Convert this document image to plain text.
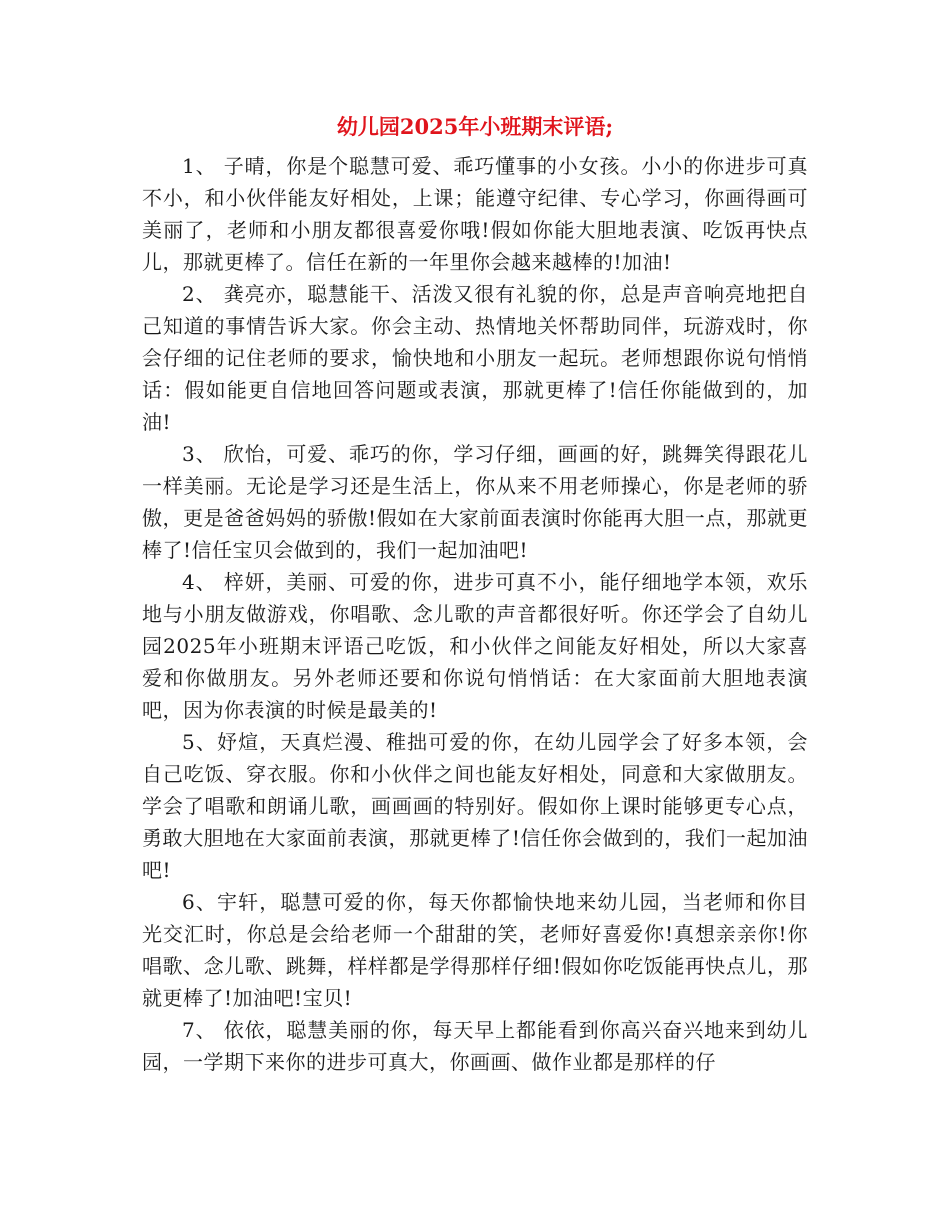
幼儿园2025年小班期末评语;

1、 子晴，你是个聪慧可爱、乖巧懂事的小女孩。小小的你进步可真不小，和小伙伴能友好相处，上课；能遵守纪律、专心学习，你画得画可美丽了，老师和小朋友都很喜爱你哦!假如你能大胆地表演、吃饭再快点儿，那就更棒了。信任在新的一年里你会越来越棒的!加油!

2、 龚亮亦，聪慧能干、活泼又很有礼貌的你，总是声音响亮地把自己知道的事情告诉大家。你会主动、热情地关怀帮助同伴，玩游戏时，你会仔细的记住老师的要求，愉快地和小朋友一起玩。老师想跟你说句悄悄话：假如能更自信地回答问题或表演，那就更棒了!信任你能做到的，加油!

3、 欣怡，可爱、乖巧的你，学习仔细，画画的好，跳舞笑得跟花儿一样美丽。无论是学习还是生活上，你从来不用老师操心，你是老师的骄傲，更是爸爸妈妈的骄傲!假如在大家前面表演时你能再大胆一点，那就更棒了!信任宝贝会做到的，我们一起加油吧!

4、 梓妍，美丽、可爱的你，进步可真不小，能仔细地学本领，欢乐地与小朋友做游戏，你唱歌、念儿歌的声音都很好听。你还学会了自幼儿园2025年小班期末评语己吃饭，和小伙伴之间能友好相处，所以大家喜爱和你做朋友。另外老师还要和你说句悄悄话：在大家面前大胆地表演吧，因为你表演的时候是最美的!

5、妤煊，天真烂漫、稚拙可爱的你，在幼儿园学会了好多本领，会自己吃饭、穿衣服。你和小伙伴之间也能友好相处，同意和大家做朋友。学会了唱歌和朗诵儿歌，画画画的特别好。假如你上课时能够更专心点，勇敢大胆地在大家面前表演，那就更棒了!信任你会做到的，我们一起加油吧!

6、宇轩，聪慧可爱的你，每天你都愉快地来幼儿园，当老师和你目光交汇时，你总是会给老师一个甜甜的笑，老师好喜爱你!真想亲亲你!你唱歌、念儿歌、跳舞，样样都是学得那样仔细!假如你吃饭能再快点儿，那就更棒了!加油吧!宝贝!

7、 依依，聪慧美丽的你，每天早上都能看到你高兴奋兴地来到幼儿园，一学期下来你的进步可真大，你画画、做作业都是那样的仔
